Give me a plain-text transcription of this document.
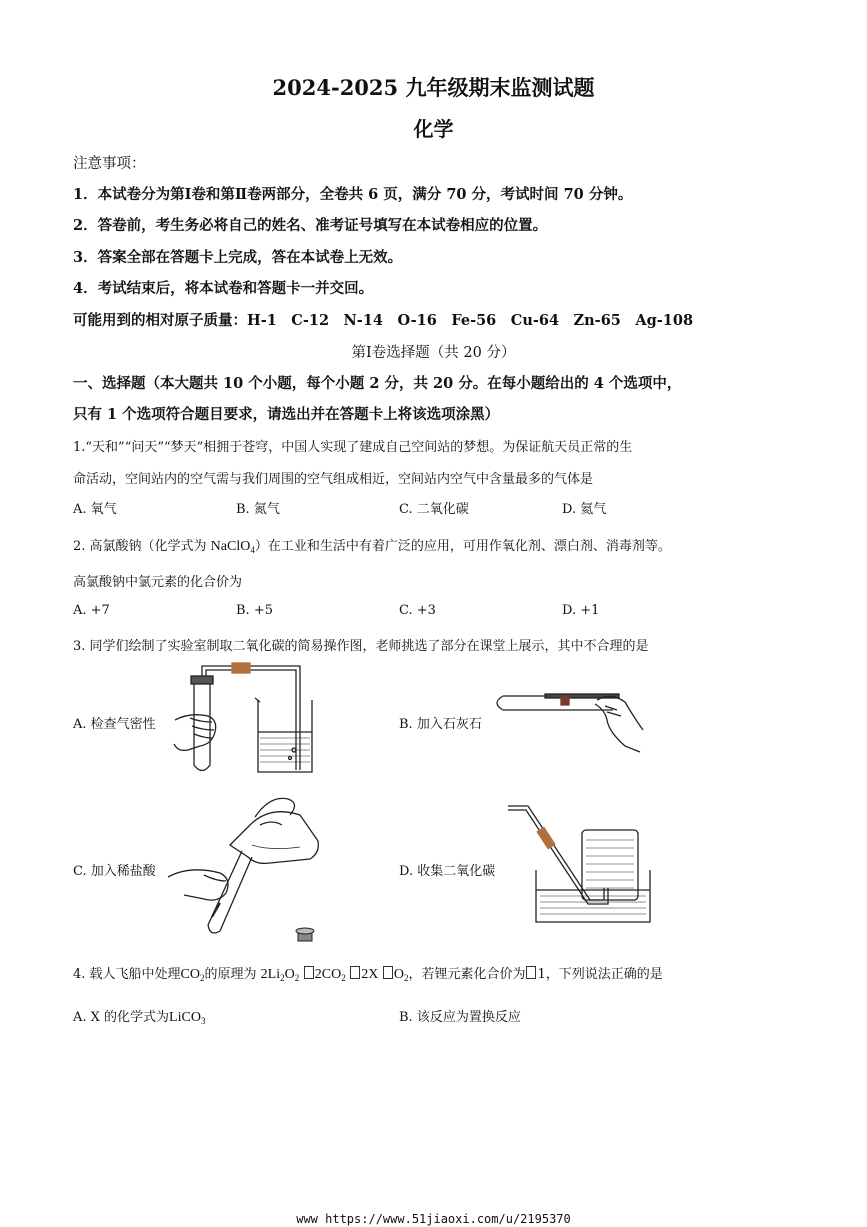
2024-2025 九年级期末监测试题
化学
注意事项：
1．本试卷分为第Ⅰ卷和第Ⅱ卷两部分，全卷共 6 页，满分 70 分，考试时间 70 分钟。
2．答卷前，考生务必将自己的姓名、准考证号填写在本试卷相应的位置。
3．答案全部在答题卡上完成，答在本试卷上无效。
4．考试结束后，将本试卷和答题卡一并交回。
可能用到的相对原子质量：H-1　C-12　N-14　O-16　Fe-56　Cu-64　Zn-65　Ag-108
第Ⅰ卷选择题（共 20 分）
一、选择题（本大题共 10 个小题，每个小题 2 分，共 20 分。在每小题给出的 4 个选项中，
只有 1 个选项符合题目要求，请选出并在答题卡上将该选项涂黑）
1.“天和”“问天”“梦天”相拥于苍穹，中国人实现了建成自己空间站的梦想。为保证航天员正常的生
命活动，空间站内的空气需与我们周围的空气组成相近，空间站内空气中含量最多的气体是
A. 氧气	B. 氮气	C. 二氧化碳	D. 氦气
2. 高氯酸钠（化学式为 NaClO$_4$）在工业和生活中有着广泛的应用，可用作氧化剂、漂白剂、消毒剂等。
高氯酸钠中氯元素的化合价为
A. +7	B. +5	C. +3	D. +1
3. 同学们绘制了实验室制取二氧化碳的简易操作图，老师挑选了部分在课堂上展示，其中不合理的是
A. 检查气密性	B. 加入石灰石
C. 加入稀盐酸	D. 收集二氧化碳
4. 载人飞船中处理$CO_2$的原理为 $2Li_2O_2$ $2CO_2$ 2X $O_2$，若锂元素化合价为 1，下列说法正确的是
A. X 的化学式为LiCO$_3$	B. 该反应为置换反应
www https://www.51jiaoxi.com/u/2195370
